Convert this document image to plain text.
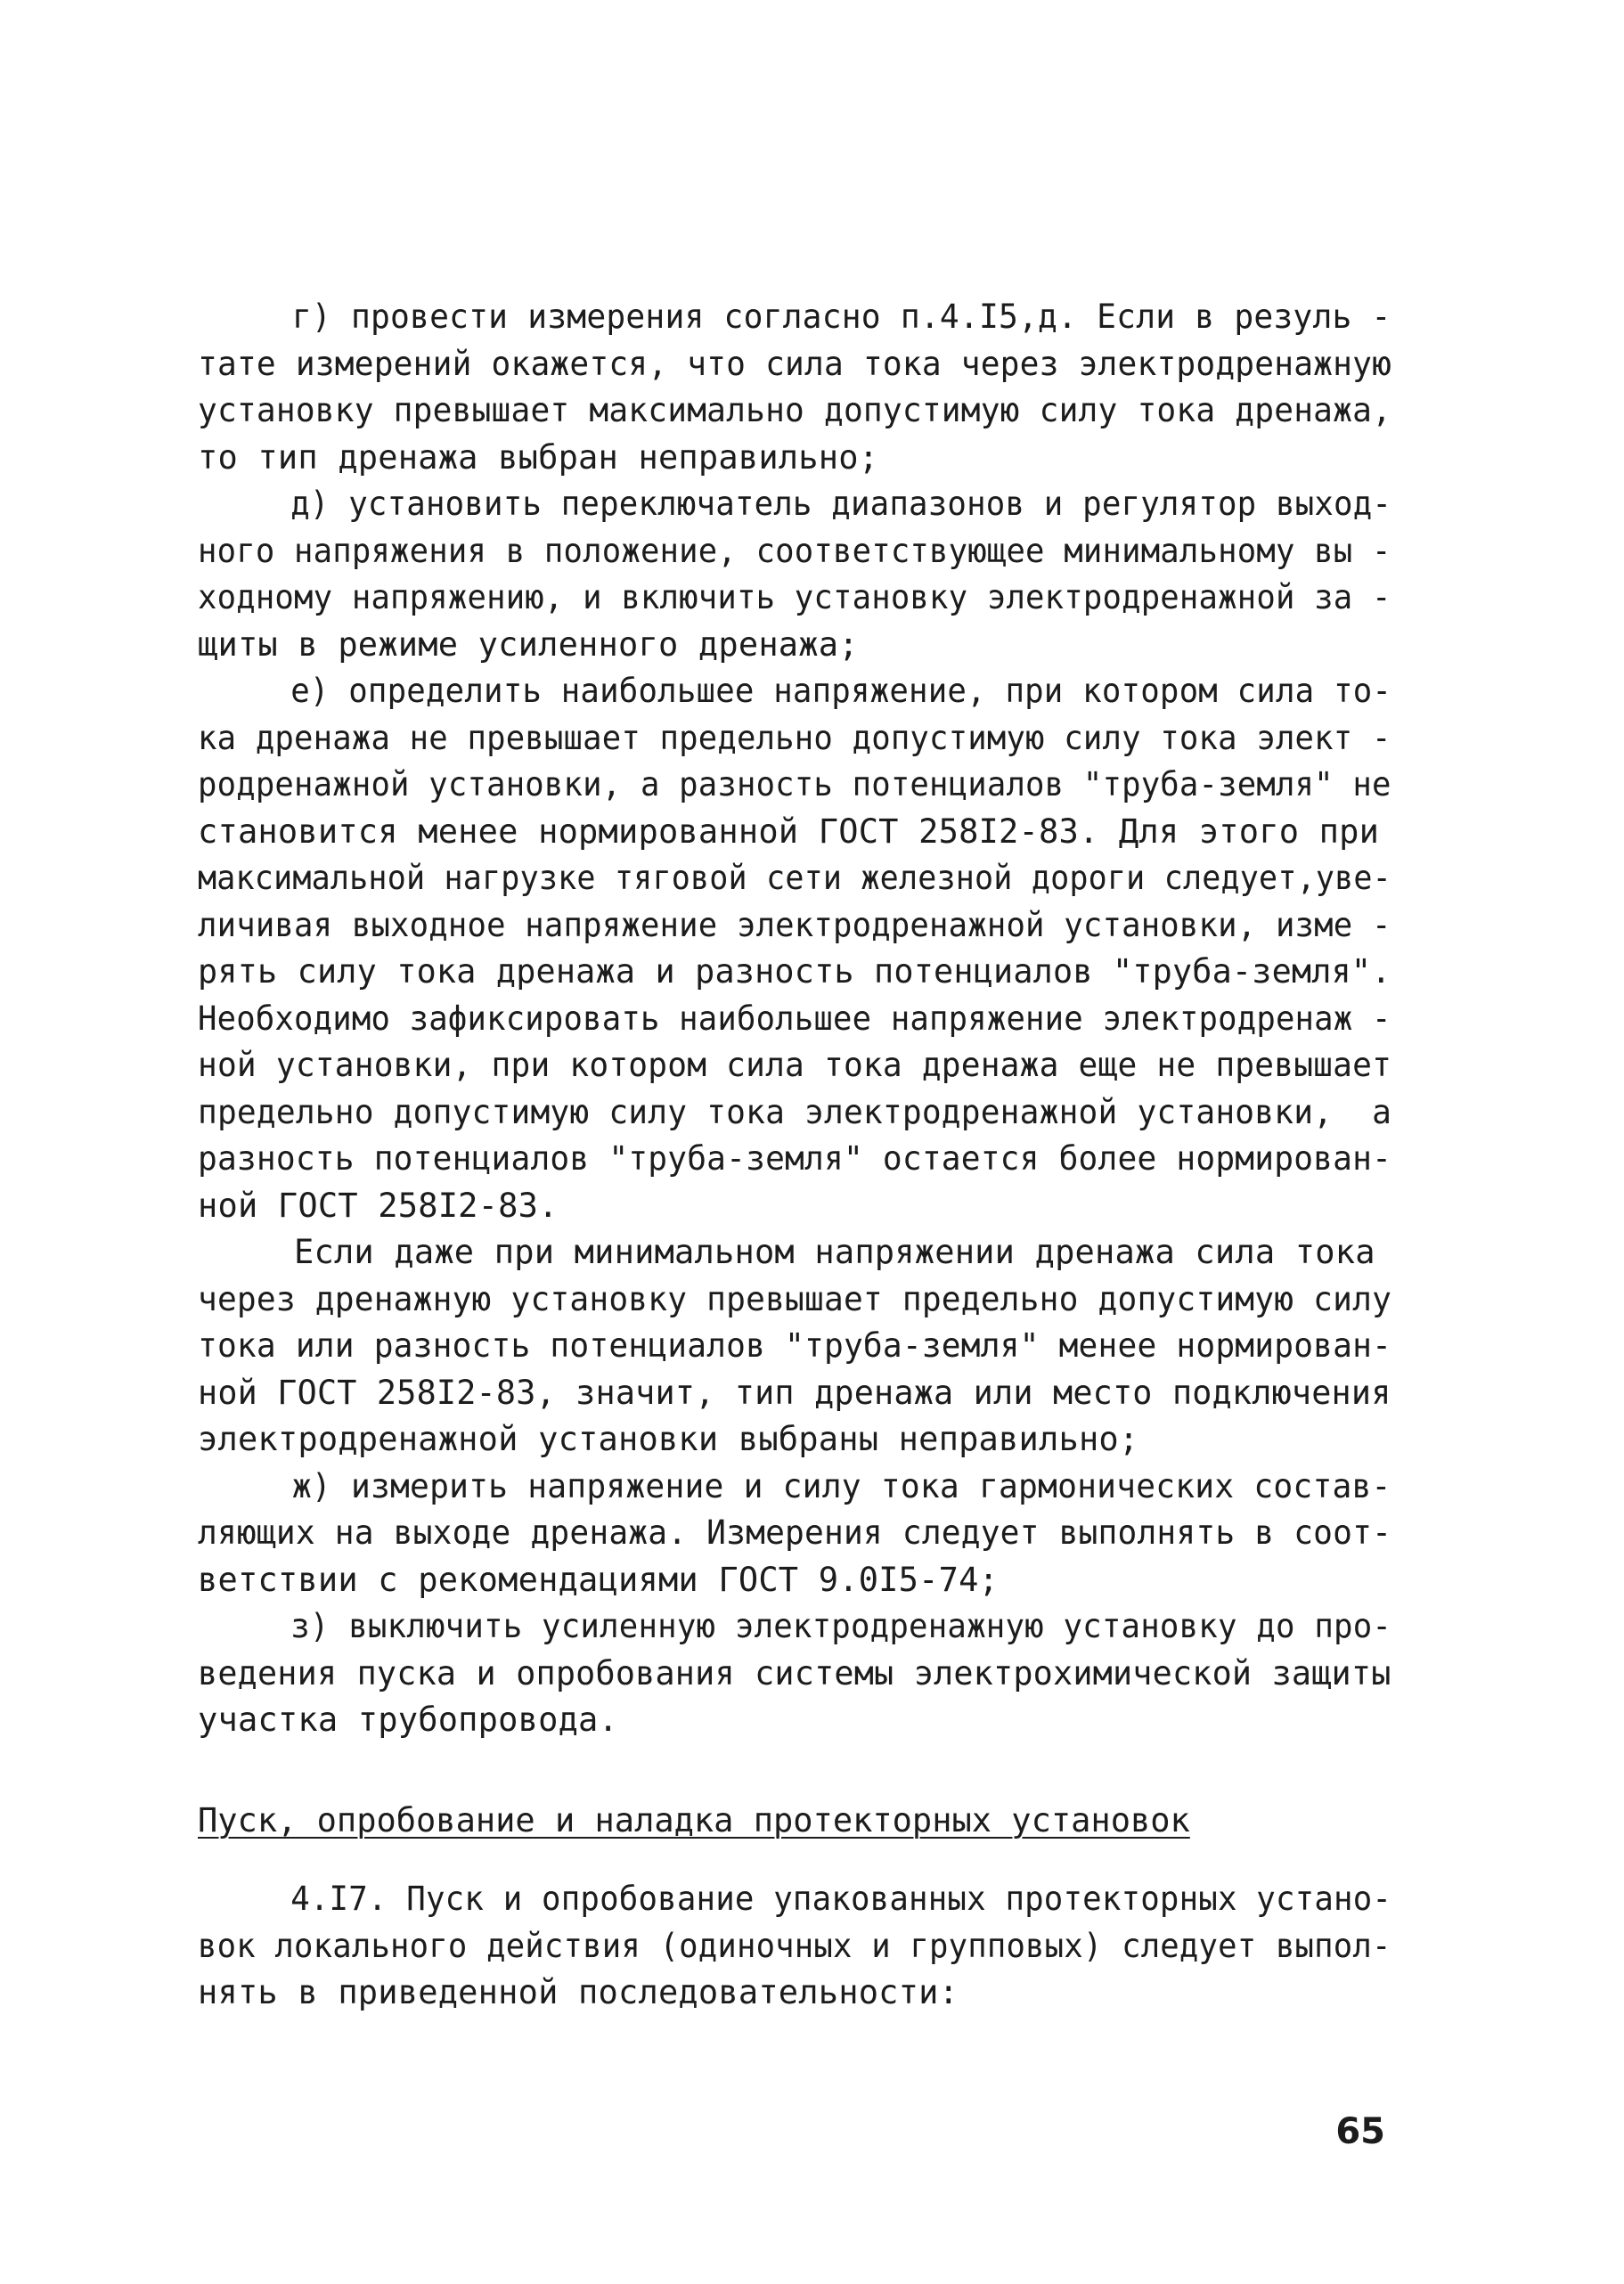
г) провести измерения согласно п.4.I5,д. Если в резуль -
тате измерений окажется, что сила тока через электродренажную
установку превышает максимально допустимую силу тока дренажа,
то тип дренажа выбран неправильно;
д) установить переключатель диапазонов и регулятор выход-
ного напряжения в положение, соответствующее минимальному вы -
ходному напряжению, и включить установку электродренажной за -
щиты в режиме усиленного дренажа;
е) определить наибольшее напряжение, при котором сила то-
ка дренажа не превышает предельно допустимую силу тока элект -
родренажной установки, а разность потенциалов "труба-земля" не
становится менее нормированной ГОСТ 258I2-83. Для этого при
максимальной нагрузке тяговой сети железной дороги следует,уве-
личивая выходное напряжение электродренажной установки, изме -
рять силу тока дренажа и разность потенциалов "труба-земля".
Необходимо зафиксировать наибольшее напряжение электродренаж -
ной установки, при котором сила тока дренажа еще не превышает
предельно допустимую силу тока электродренажной установки,  а
разность потенциалов "труба-земля" остается более нормирован-
ной ГОСТ 258I2-83.
Если даже при минимальном напряжении дренажа сила тока
через дренажную установку превышает предельно допустимую силу
тока или разность потенциалов "труба-земля" менее нормирован-
ной ГОСТ 258I2-83, значит, тип дренажа или место подключения
электродренажной установки выбраны неправильно;
ж) измерить напряжение и силу тока гармонических состав-
ляющих на выходе дренажа. Измерения следует выполнять в соот-
ветствии с рекомендациями ГОСТ 9.0I5-74;
з) выключить усиленную электродренажную установку до про-
ведения пуска и опробования системы электрохимической защиты
участка трубопровода.
Пуск, опробование и наладка протекторных установок
4.I7. Пуск и опробование упакованных протекторных устано-
вок локального действия (одиночных и групповых) следует выпол-
нять в приведенной последовательности:
65
